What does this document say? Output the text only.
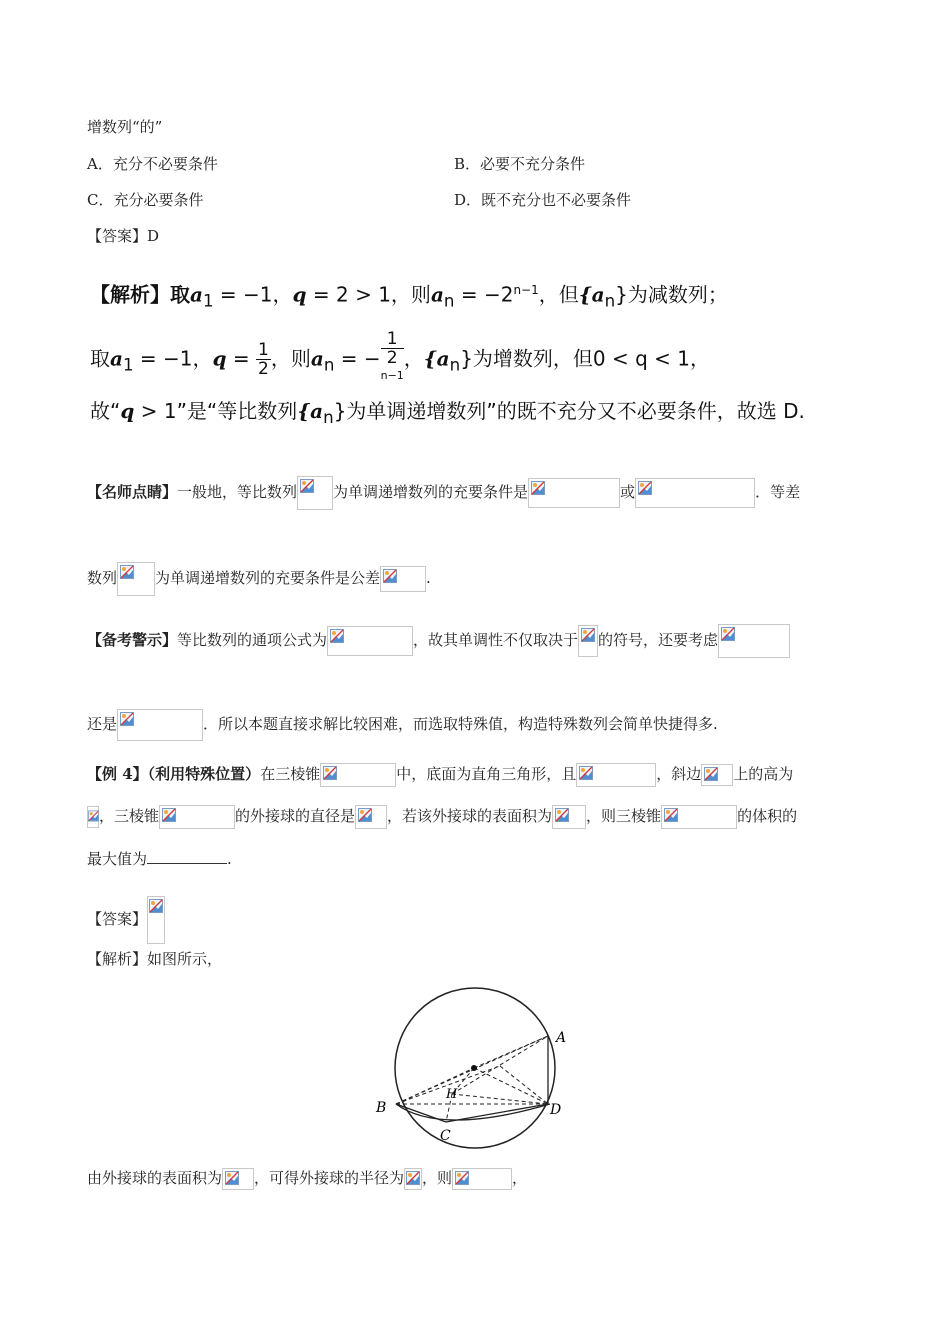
增数列“的”
A．充分不必要条件	B．必要不充分条件
C．充分必要条件	D．既不充分也不必要条件
【答案】D
【解析】取$a_1 = -1$，q = 2 > 1，则$a_n = -2^{n-1}$，但$\{a_n\}$为减数列；
取$a_1 = -1$，$q = \frac{1}{2}$ ，则$a_n$ = − 1
2
$^{n-1}$ ，$\{a_n\}$为增数列，但0 < q < 1，
故“q > 1”是“等比数列$\{a_n\}$为单调递增数列”的既不充分又不必要条件，故选 D.
【名师点睛】一般地，等比数列 为单调递增数列的充要条件是	或	．等差
数列	为单调递增数列的充要条件是公差	.
【备考警示】等比数列的通项公式为	，故其单调性不仅取决于 的符号，还要考虑
还是	．所以本题直接求解比较困难，而选取特殊值，构造特殊数列会简单快捷得多.
【例 4】（利用特殊位置）在三棱锥	中，底面为直角三角形，且	，斜边 上的高为
，三棱锥	的外接球的直径是 ，若该外接球的表面积为 ，则三棱锥	的体积的
最大值为	.
【答案】
【解析】如图所示，
A
B
C
D
H
由外接球的表面积为 ，可得外接球的半径为 ，则	，
